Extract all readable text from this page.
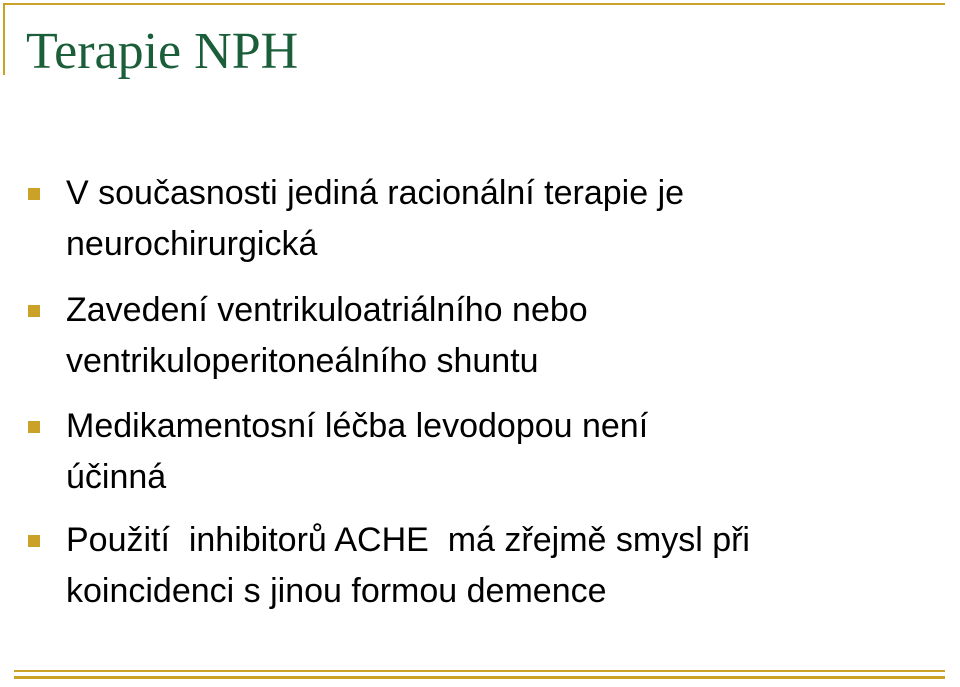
Terapie NPH
V současnosti jediná racionální terapie je
neurochirurgická
Zavedení ventrikuloatriálního nebo
ventrikuloperitoneálního shuntu
Medikamentosní léčba levodopou není
účinná
Použití  inhibitorů ACHE  má zřejmě smysl při
koincidenci s jinou formou demence
